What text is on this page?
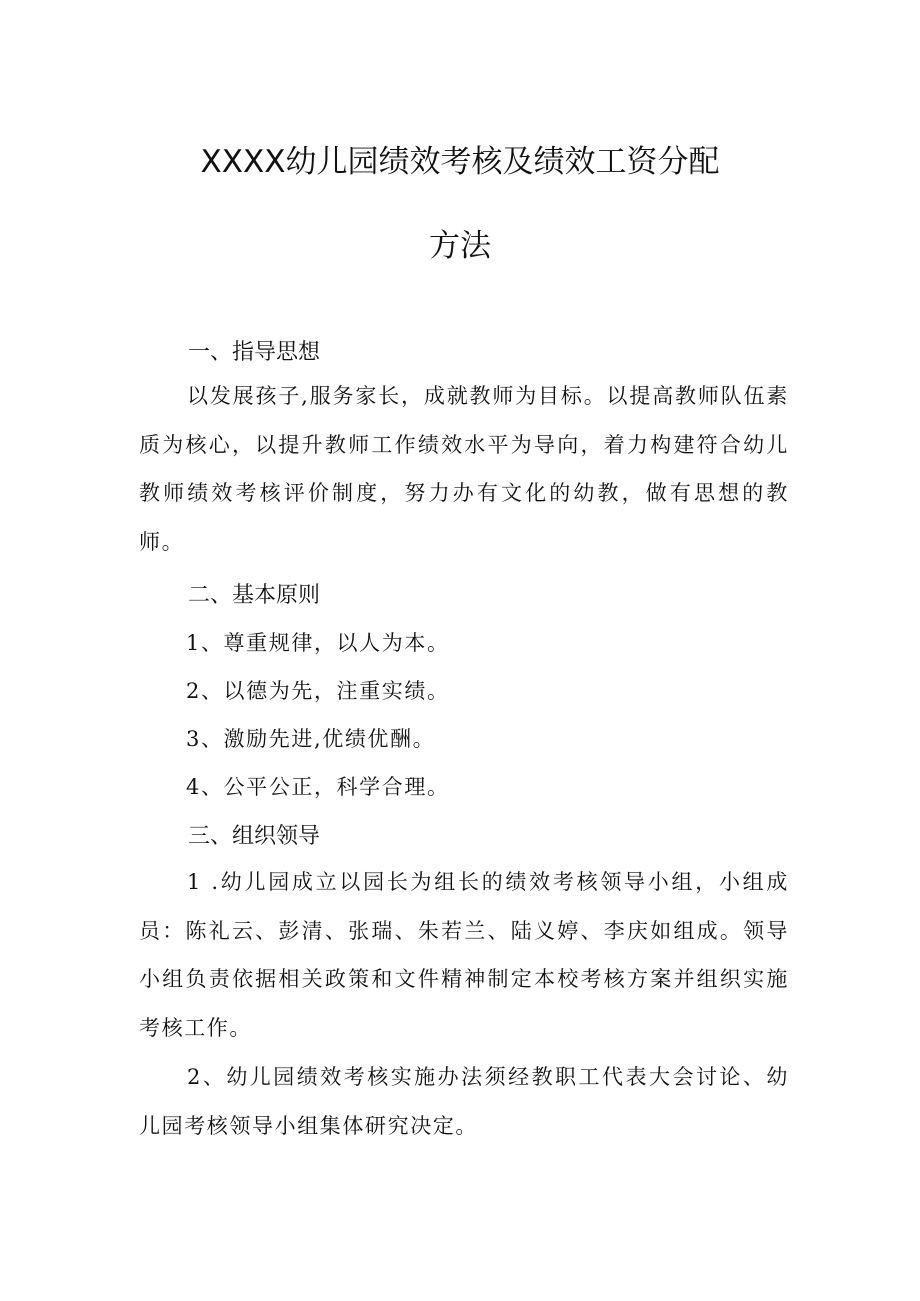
XXXX幼儿园绩效考核及绩效工资分配
方法
一、指导思想

以发展孩子,服务家长，成就教师为目标。以提高教师队伍素质为核心，以提升教师工作绩效水平为导向，着力构建符合幼儿教师绩效考核评价制度，努力办有文化的幼教，做有思想的教师。

二、基本原则

1、尊重规律，以人为本。

2、以德为先，注重实绩。

3、激励先进,优绩优酬。

4、公平公正，科学合理。

三、组织领导

1 .幼儿园成立以园长为组长的绩效考核领导小组，小组成员：陈礼云、彭清、张瑞、朱若兰、陆义婷、李庆如组成。领导小组负责依据相关政策和文件精神制定本校考核方案并组织实施考核工作。

2、幼儿园绩效考核实施办法须经教职工代表大会讨论、幼儿园考核领导小组集体研究决定。
